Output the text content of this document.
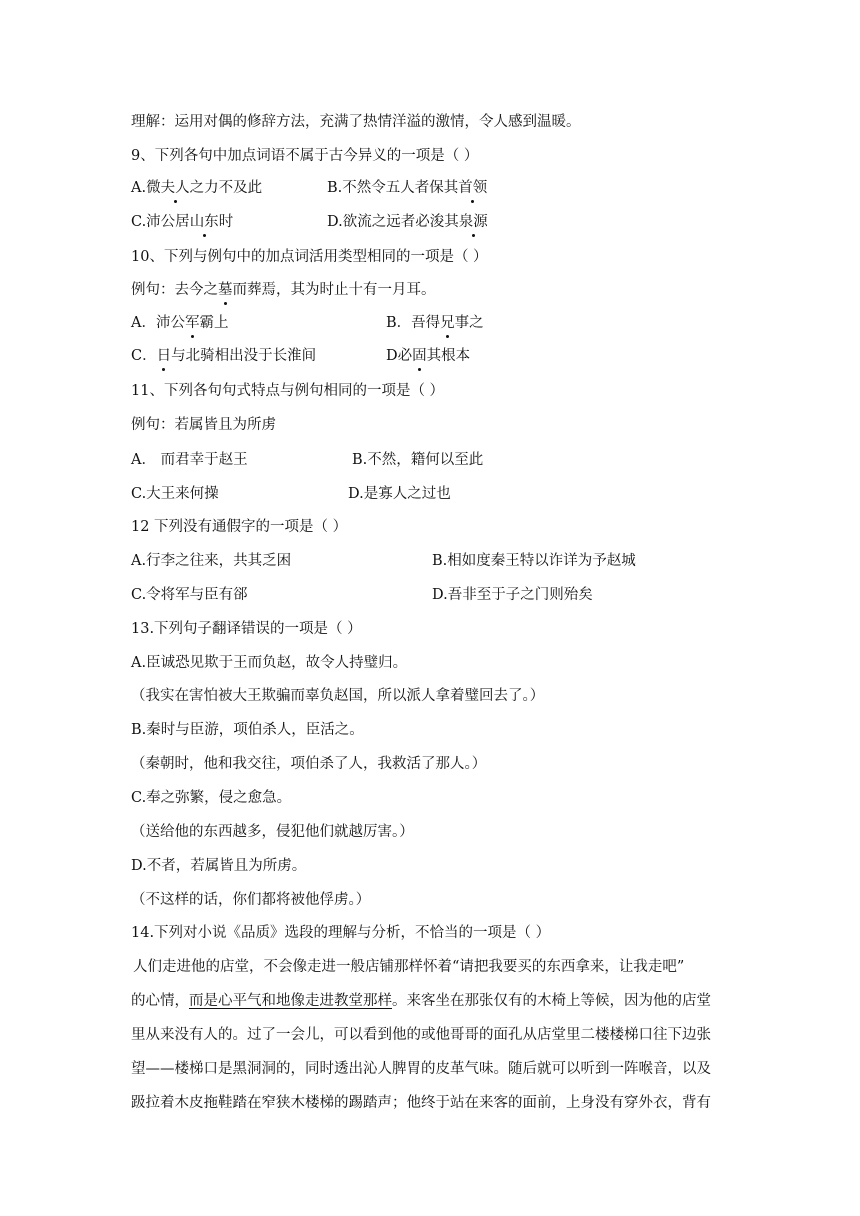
理解：运用对偶的修辞方法，充满了热情洋溢的激情，令人感到温暖。
9、下列各句中加点词语不属于古今异义的一项是（ ）
A.微夫人之力不及此	B.不然令五人者保其首领
C.沛公居山东时	D.欲流之远者必浚其泉源
10、下列与例句中的加点词活用类型相同的一项是（ ）
例句：去今之墓而葬焉，其为时止十有一月耳。
A．沛公军霸上	B．吾得兄事之
C．日与北骑相出没于长淮间	D必固其根本
11、下列各句句式特点与例句相同的一项是（ ）
例句：若属皆且为所虏
A． 而君幸于赵王	B.不然，籍何以至此
C.大王来何操	D.是寡人之过也
12 下列没有通假字的一项是（ ）
A.行李之往来，共其乏困	B.相如度秦王特以诈详为予赵城
C.令将军与臣有郤	D.吾非至于子之门则殆矣
13.下列句子翻译错误的一项是（ ）
A.臣诚恐见欺于王而负赵，故令人持璧归。
（我实在害怕被大王欺骗而辜负赵国，所以派人拿着璧回去了。）
B.秦时与臣游，项伯杀人，臣活之。
（秦朝时，他和我交往，项伯杀了人，我救活了那人。）
C.奉之弥繁，侵之愈急。
（送给他的东西越多，侵犯他们就越厉害。）
D.不者，若属皆且为所虏。
（不这样的话，你们都将被他俘虏。）
14.下列对小说《品质》选段的理解与分析，不恰当的一项是（ ）
人们走进他的店堂，不会像走进一般店铺那样怀着“请把我要买的东西拿来，让我走吧”
的心情，而是心平气和地像走进教堂那样。来客坐在那张仅有的木椅上等候，因为他的店堂
里从来没有人的。过了一会儿，可以看到他的或他哥哥的面孔从店堂里二楼楼梯口往下边张
望——楼梯口是黑洞洞的，同时透出沁人脾胃的皮革气味。随后就可以听到一阵喉音，以及
趿拉着木皮拖鞋踏在窄狭木楼梯的踢踏声；他终于站在来客的面前，上身没有穿外衣，背有
